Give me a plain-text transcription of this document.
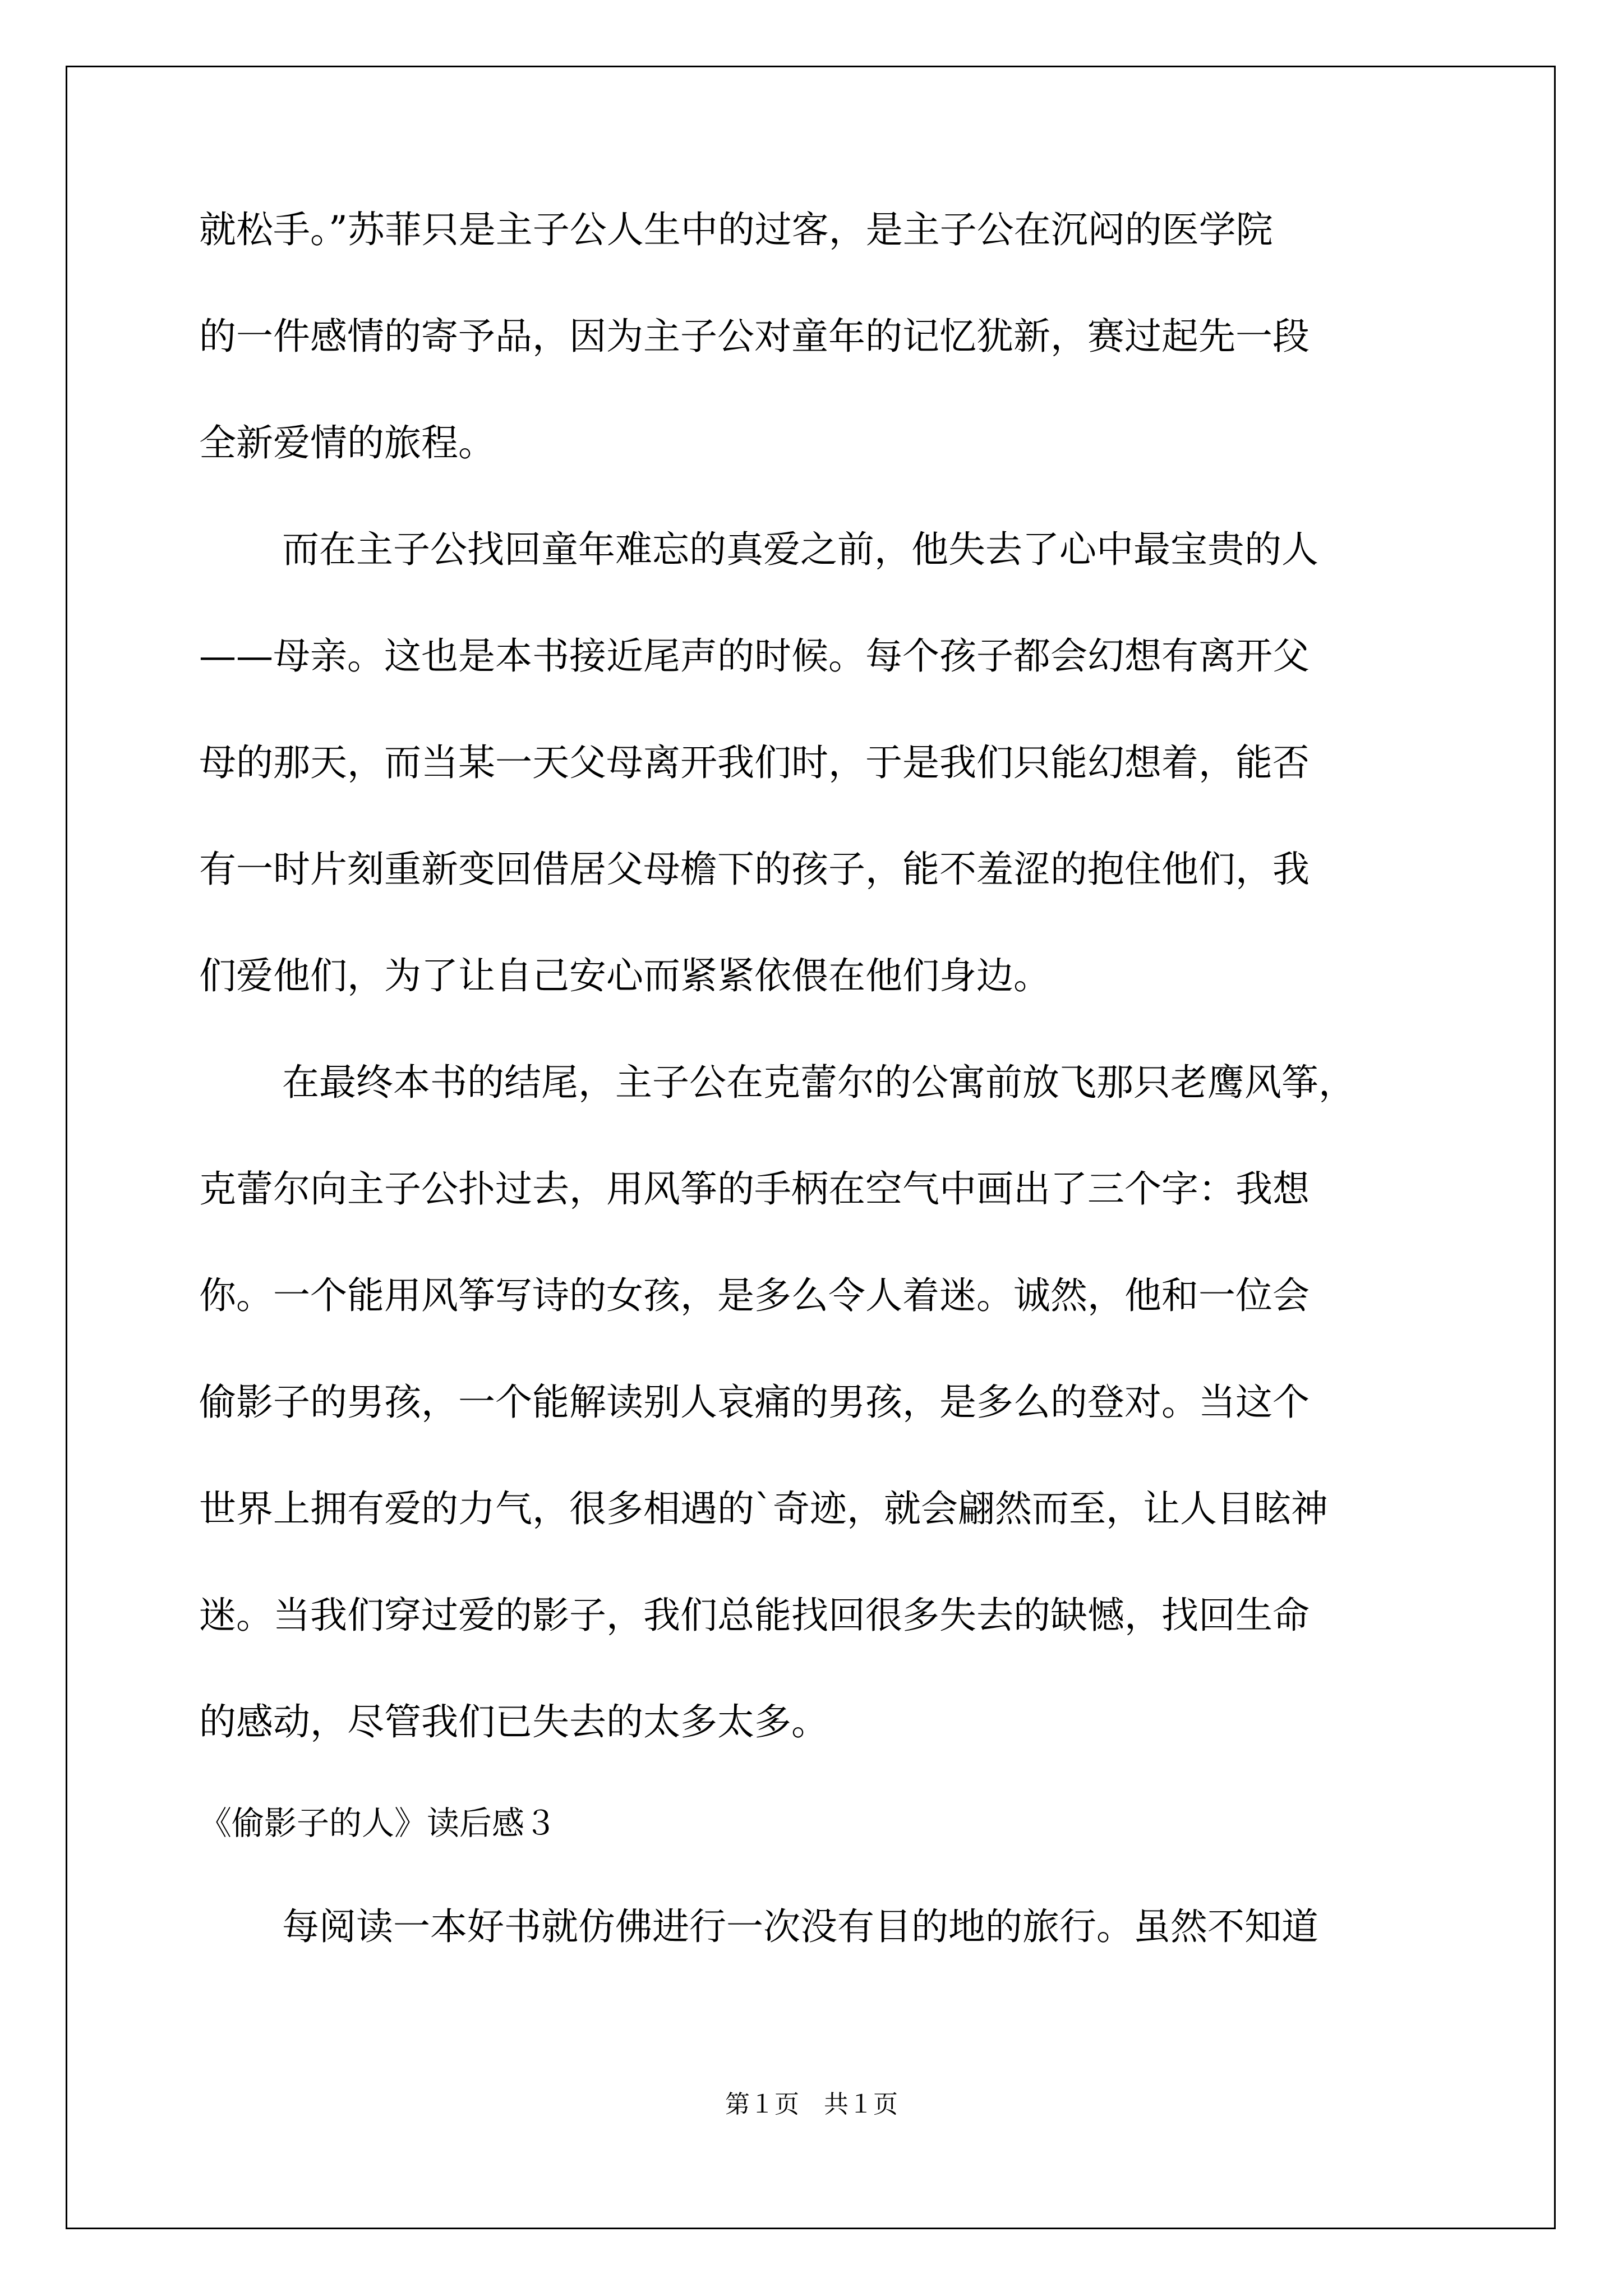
就松手。”苏菲只是主子公人生中的过客，是主子公在沉闷的医学院
的一件感情的寄予品，因为主子公对童年的记忆犹新，赛过起先一段
全新爱情的旅程。
而在主子公找回童年难忘的真爱之前，他失去了心中最宝贵的人
——母亲。这也是本书接近尾声的时候。每个孩子都会幻想有离开父
母的那天，而当某一天父母离开我们时，于是我们只能幻想着，能否
有一时片刻重新变回借居父母檐下的孩子，能不羞涩的抱住他们，我
们爱他们，为了让自己安心而紧紧依偎在他们身边。
在最终本书的结尾，主子公在克蕾尔的公寓前放飞那只老鹰风筝，
克蕾尔向主子公扑过去，用风筝的手柄在空气中画出了三个字：我想
你。一个能用风筝写诗的女孩，是多么令人着迷。诚然，他和一位会
偷影子的男孩，一个能解读别人哀痛的男孩，是多么的登对。当这个
世界上拥有爱的力气，很多相遇的`奇迹，就会翩然而至，让人目眩神
迷。当我们穿过爱的影子，我们总能找回很多失去的缺憾，找回生命
的感动，尽管我们已失去的太多太多。
《偷影子的人》读后感３
每阅读一本好书就仿佛进行一次没有目的地的旅行。虽然不知道
第１页　共１页
